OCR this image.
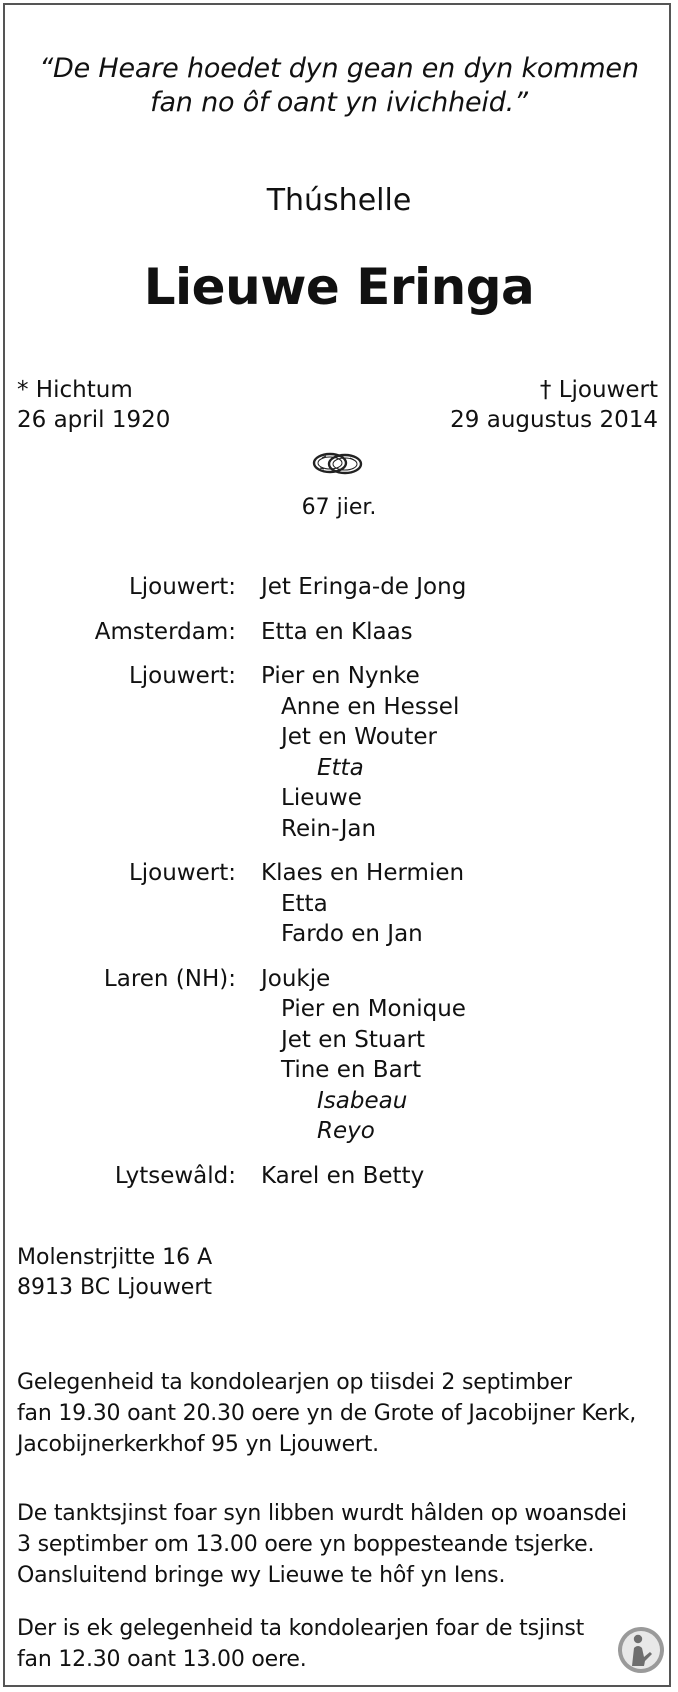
“De Heare hoedet dyn gean en dyn kommen
fan no ôf oant yn ivichheid.”
Thúshelle
Lieuwe Eringa
* Hichtum
26 april 1920
† Ljouwert
29 augustus 2014
67 jier.
Ljouwert: Jet Eringa-de Jong
Amsterdam: Etta en Klaas
Ljouwert: Pier en Nynke
Anne en Hessel
Jet en Wouter
Etta
Lieuwe
Rein-Jan
Ljouwert: Klaes en Hermien
Etta
Fardo en Jan
Laren (NH): Joukje
Pier en Monique
Jet en Stuart
Tine en Bart
Isabeau
Reyo
Lytsewâld: Karel en Betty
Molenstrjitte 16 A
8913 BC Ljouwert
Gelegenheid ta kondolearjen op tiisdei 2 septimber
fan 19.30 oant 20.30 oere yn de Grote of Jacobijner Kerk,
Jacobijnerkerkhof 95 yn Ljouwert.
De tanktsjinst foar syn libben wurdt hâlden op woansdei
3 septimber om 13.00 oere yn boppesteande tsjerke.
Oansluitend bringe wy Lieuwe te hôf yn Iens.
Der is ek gelegenheid ta kondolearjen foar de tsjinst
fan 12.30 oant 13.00 oere.
